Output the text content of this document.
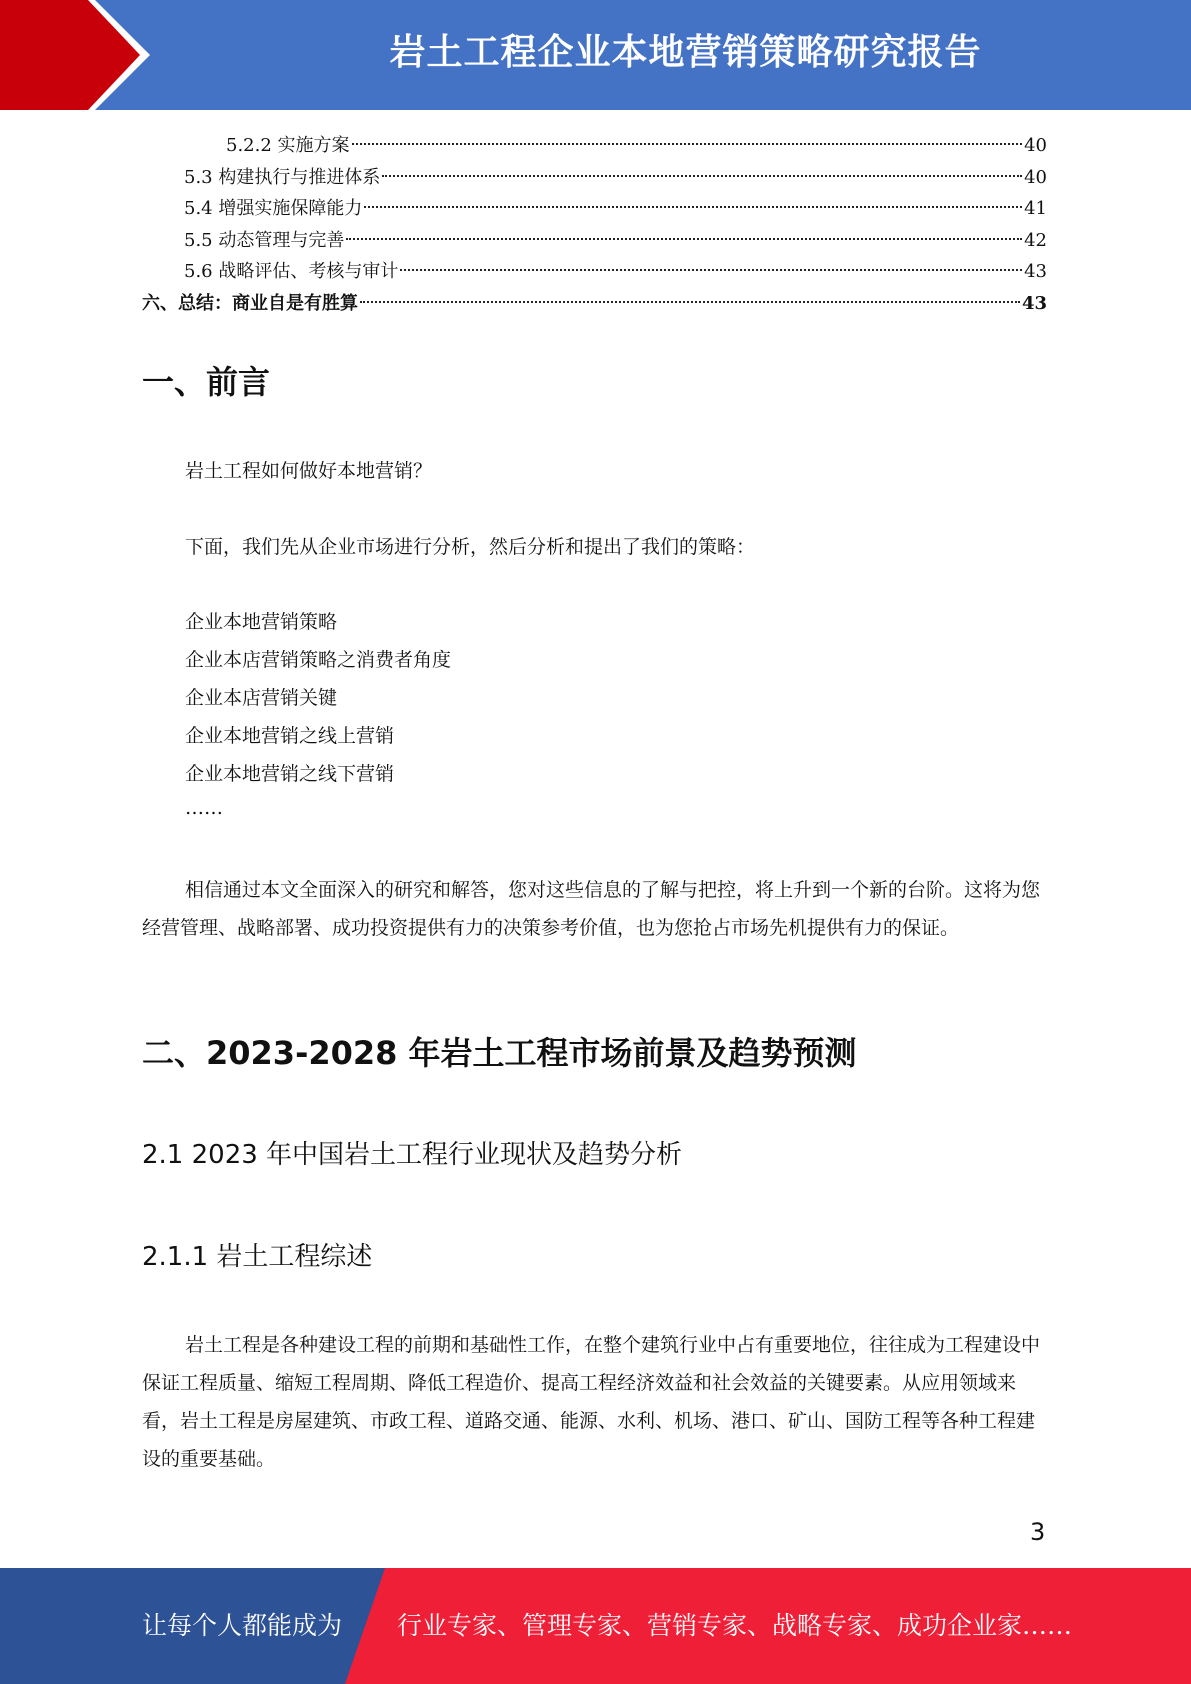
岩土工程企业本地营销策略研究报告
5.2.2 实施方案	40
5.3 构建执行与推进体系	40
5.4 增强实施保障能力	41
5.5 动态管理与完善	42
5.6 战略评估、考核与审计	43
六、总结：商业自是有胜算	43
一、前言
岩土工程如何做好本地营销？
下面，我们先从企业市场进行分析，然后分析和提出了我们的策略：
企业本地营销策略
企业本店营销策略之消费者角度
企业本店营销关键
企业本地营销之线上营销
企业本地营销之线下营销
……

相信通过本文全面深入的研究和解答，您对这些信息的了解与把控，将上升到一个新的台阶。这将为您经营管理、战略部署、成功投资提供有力的决策参考价值，也为您抢占市场先机提供有力的保证。

二、2023-2028 年岩土工程市场前景及趋势预测
2.1 2023 年中国岩土工程行业现状及趋势分析
2.1.1 岩土工程综述

岩土工程是各种建设工程的前期和基础性工作，在整个建筑行业中占有重要地位，往往成为工程建设中保证工程质量、缩短工程周期、降低工程造价、提高工程经济效益和社会效益的关键要素。从应用领域来看，岩土工程是房屋建筑、市政工程、道路交通、能源、水利、机场、港口、矿山、国防工程等各种工程建设的重要基础。

3
让每个人都能成为 行业专家、管理专家、营销专家、战略专家、成功企业家……
